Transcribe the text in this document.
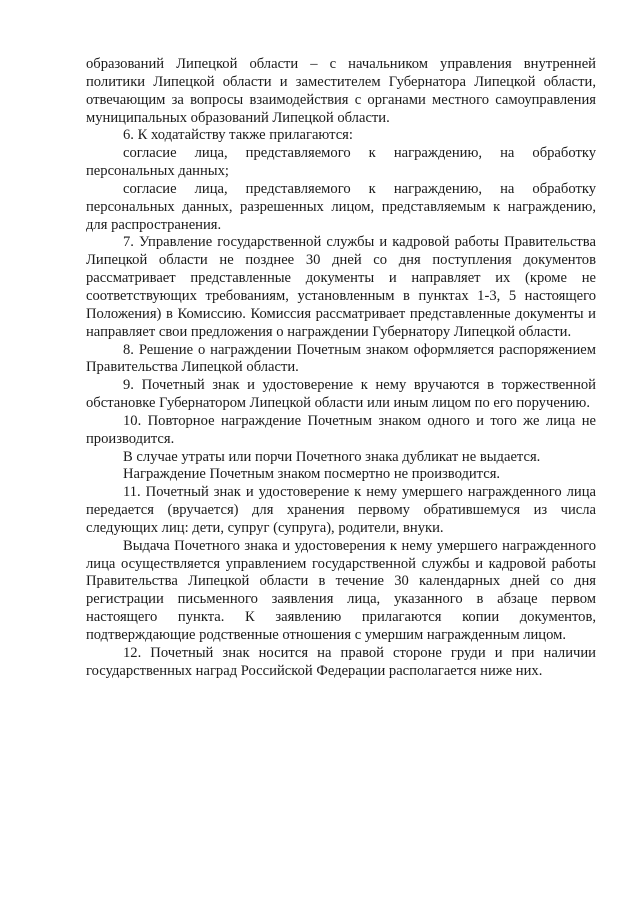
образований Липецкой области – с начальником управления внутренней политики Липецкой области и заместителем Губернатора Липецкой области, отвечающим за вопросы взаимодействия с органами местного самоуправления муниципальных образований Липецкой области.

6. К ходатайству также прилагаются:

согласие лица, представляемого к награждению, на обработку персональных данных;

согласие лица, представляемого к награждению, на обработку персональных данных, разрешенных лицом, представляемым к награждению, для распространения.

7. Управление государственной службы и кадровой работы Правительства Липецкой области не позднее 30 дней со дня поступления документов рассматривает представленные документы и направляет их (кроме не соответствующих требованиям, установленным в пунктах 1-3, 5 настоящего Положения) в Комиссию. Комиссия рассматривает представленные документы и направляет свои предложения о награждении Губернатору Липецкой области.

8. Решение о награждении Почетным знаком оформляется распоряжением Правительства Липецкой области.

9. Почетный знак и удостоверение к нему вручаются в торжественной обстановке Губернатором Липецкой области или иным лицом по его поручению.

10. Повторное награждение Почетным знаком одного и того же лица не производится.

В случае утраты или порчи Почетного знака дубликат не выдается.

Награждение Почетным знаком посмертно не производится.

11. Почетный знак и удостоверение к нему умершего награжденного лица передается (вручается) для хранения первому обратившемуся из числа следующих лиц: дети, супруг (супруга), родители, внуки.

Выдача Почетного знака и удостоверения к нему умершего награжденного лица осуществляется управлением государственной службы и кадровой работы Правительства Липецкой области в течение 30 календарных дней со дня регистрации письменного заявления лица, указанного в абзаце первом настоящего пункта. К заявлению прилагаются копии документов, подтверждающие родственные отношения с умершим награжденным лицом.

12. Почетный знак носится на правой стороне груди и при наличии государственных наград Российской Федерации располагается ниже них.
